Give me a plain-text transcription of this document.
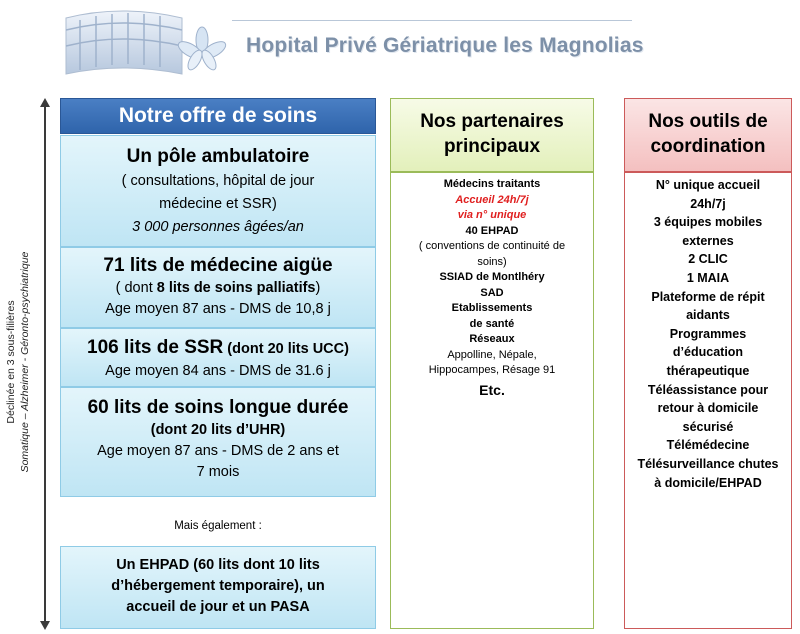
Hopital Privé Gériatrique les Magnolias
Déclinée en 3 sous-filières Somatique – Alzheimer - Géronto-psychiatrique
Notre offre de soins
Un pôle ambulatoire
( consultations, hôpital de jour
médecine et SSR)
3 000 personnes âgées/an
71 lits de médecine aigüe
( dont 8 lits de soins palliatifs)
Age moyen 87 ans - DMS de 10,8 j
106 lits de SSR (dont 20 lits UCC)
Age moyen 84 ans - DMS de 31.6 j
60 lits de soins longue durée
(dont 20 lits d’UHR)
Age moyen 87 ans - DMS de 2 ans et
7 mois
Mais également :
Un EHPAD (60 lits dont 10 lits
d’hébergement temporaire), un
accueil de jour et un PASA
Nos partenaires
principaux
Médecins traitants
Accueil 24h/7j
via n° unique
40 EHPAD
( conventions de continuité de
soins)
SSIAD de Montlhéry
SAD
Etablissements
de santé
Réseaux
Appolline, Népale,
Hippocampes, Résage 91
Etc.
Nos outils de
coordination
N° unique accueil
24h/7j
3 équipes mobiles
externes
2 CLIC
1 MAIA
Plateforme de répit
aidants
Programmes
d’éducation
thérapeutique
Téléassistance pour
retour à domicile
sécurisé
Télémédecine
Télésurveillance chutes
à domicile/EHPAD
